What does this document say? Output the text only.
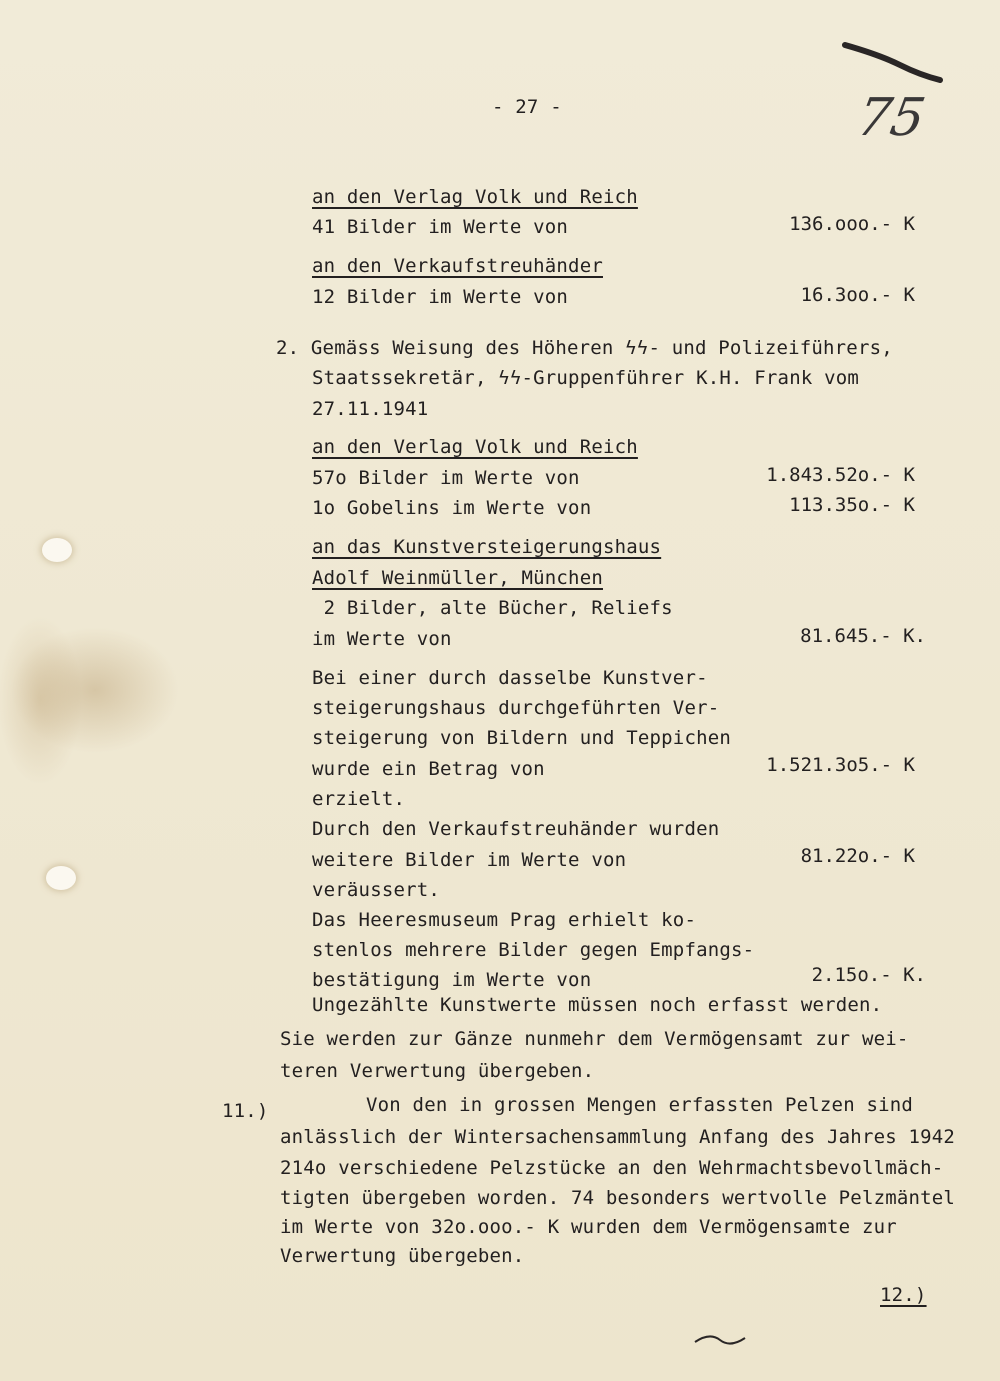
75
- 27 -
an den Verlag Volk und Reich
41 Bilder im Werte von	136.ooo.- K
an den Verkaufstreuhänder
12 Bilder im Werte von	16.3oo.- K
2. Gemäss Weisung des Höheren ϟϟ- und Polizeiführers,
Staatssekretär, ϟϟ-Gruppenführer K.H. Frank vom
27.11.1941
an den Verlag Volk und Reich
57o Bilder im Werte von	1.843.52o.- K
1o Gobelins im Werte von	113.35o.- K
an das Kunstversteigerungshaus
Adolf Weinmüller, München
2 Bilder, alte Bücher, Reliefs
im Werte von	81.645.- K.
Bei einer durch dasselbe Kunstver-
steigerungshaus durchgeführten Ver-
steigerung von Bildern und Teppichen
wurde ein Betrag von	1.521.3o5.- K
erzielt.
Durch den Verkaufstreuhänder wurden
weitere Bilder im Werte von	81.22o.- K
veräussert.
Das Heeresmuseum Prag erhielt ko-
stenlos mehrere Bilder gegen Empfangs-
bestätigung im Werte von	2.15o.- K.
Ungezählte Kunstwerte müssen noch erfasst werden.
Sie werden zur Gänze nunmehr dem Vermögensamt zur wei-
teren Verwertung übergeben.
11.)	Von den in grossen Mengen erfassten Pelzen sind
anlässlich der Wintersachensammlung Anfang des Jahres 1942
214o verschiedene Pelzstücke an den Wehrmachtsbevollmäch-
tigten übergeben worden. 74 besonders wertvolle Pelzmäntel
im Werte von 32o.ooo.- K wurden dem Vermögensamte zur
Verwertung übergeben.
12.)
